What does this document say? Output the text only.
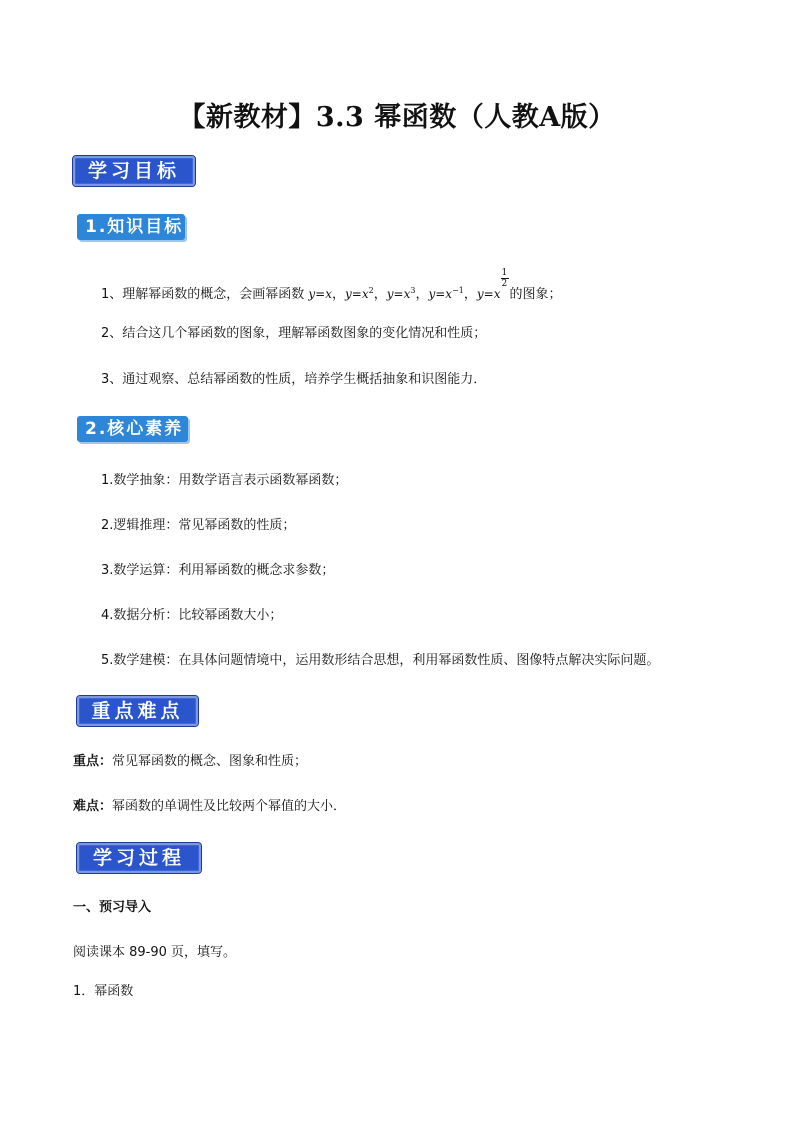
【新教材】3.3 幂函数（人教A版）
学习目标
1.知识目标
1、理解幂函数的概念，会画幂函数 y=x，$y=x^2$，$y=x^3$，$y=x^{-1}$，$y=x \frac{1}{2}$ 的图象；
2、结合这几个幂函数的图象，理解幂函数图象的变化情况和性质；
3、通过观察、总结幂函数的性质，培养学生概括抽象和识图能力．
2.核心素养
1.数学抽象：用数学语言表示函数幂函数；
2.逻辑推理：常见幂函数的性质；
3.数学运算：利用幂函数的概念求参数；
4.数据分析：比较幂函数大小；
5.数学建模：在具体问题情境中，运用数形结合思想，利用幂函数性质、图像特点解决实际问题。
重点难点
重点：常见幂函数的概念、图象和性质；
难点：幂函数的单调性及比较两个幂值的大小．
学习过程
一、预习导入
阅读课本 89-90 页，填写。
1．幂函数
